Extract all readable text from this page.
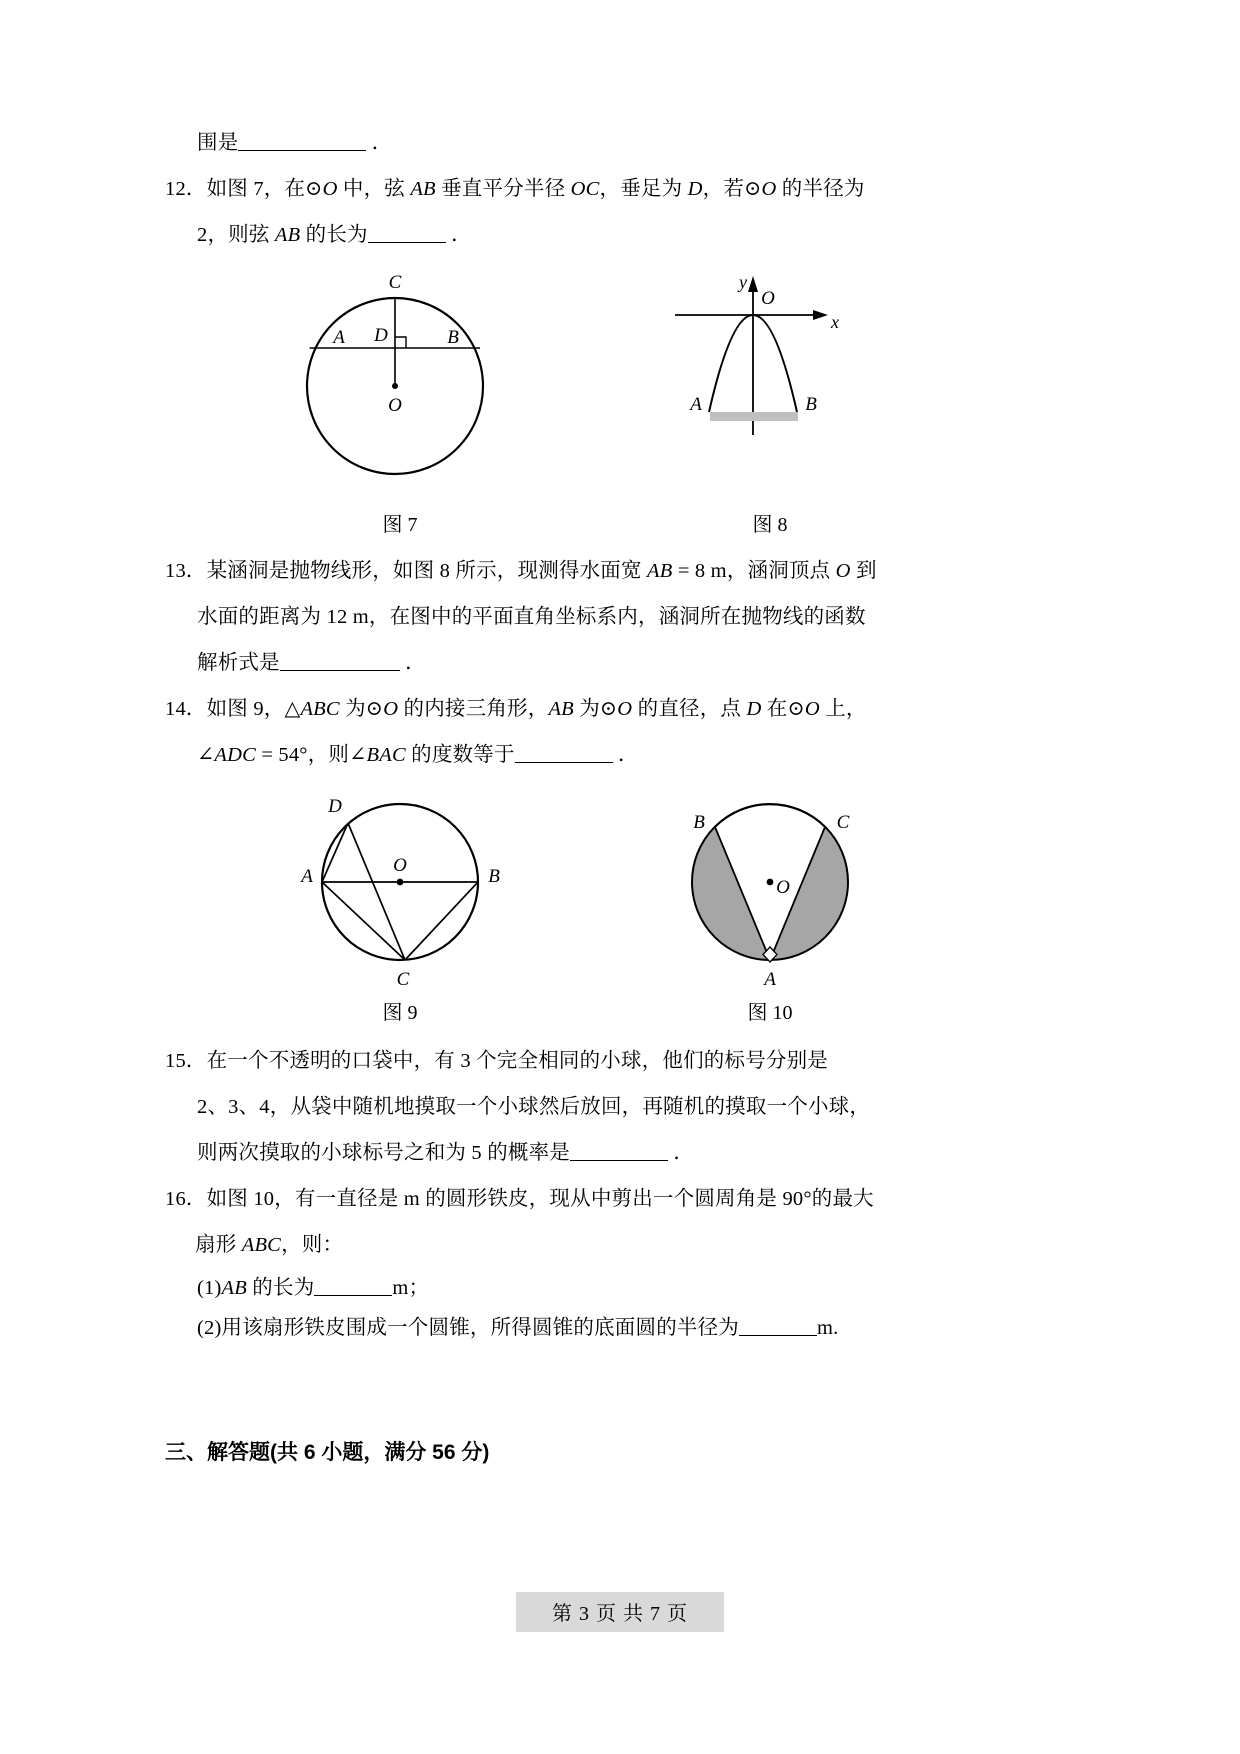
围是	．
12．如图 7，在⊙O 中，弦 AB 垂直平分半径 OC，垂足为 D，若⊙O 的半径为
2，则弦 AB 的长为	．
A	B
C
D
O
y
x
O
A	B
图 7	图 8
13．某涵洞是抛物线形，如图 8 所示，现测得水面宽 AB = 8 m，涵洞顶点 O 到
水面的距离为 12 m，在图中的平面直角坐标系内，涵洞所在抛物线的函数
解析式是	．
14．如图 9，△ABC 为⊙O 的内接三角形，AB 为⊙O 的直径，点 D 在⊙O 上，
∠ADC = 54°，则∠BAC 的度数等于	．
A	B
C
D
O
B	C
A
O
图 9	图 10
15．在一个不透明的口袋中，有 3 个完全相同的小球，他们的标号分别是
2、3、4，从袋中随机地摸取一个小球然后放回，再随机的摸取一个小球，
则两次摸取的小球标号之和为 5 的概率是	．
16．如图 10，有一直径是 m 的圆形铁皮，现从中剪出一个圆周角是 90°的最大
扇形 ABC，则：
(1)AB 的长为	m；
(2)用该扇形铁皮围成一个圆锥，所得圆锥的底面圆的半径为	m.
三、解答题(共 6 小题，满分 56 分)
第 3 页 共 7 页
